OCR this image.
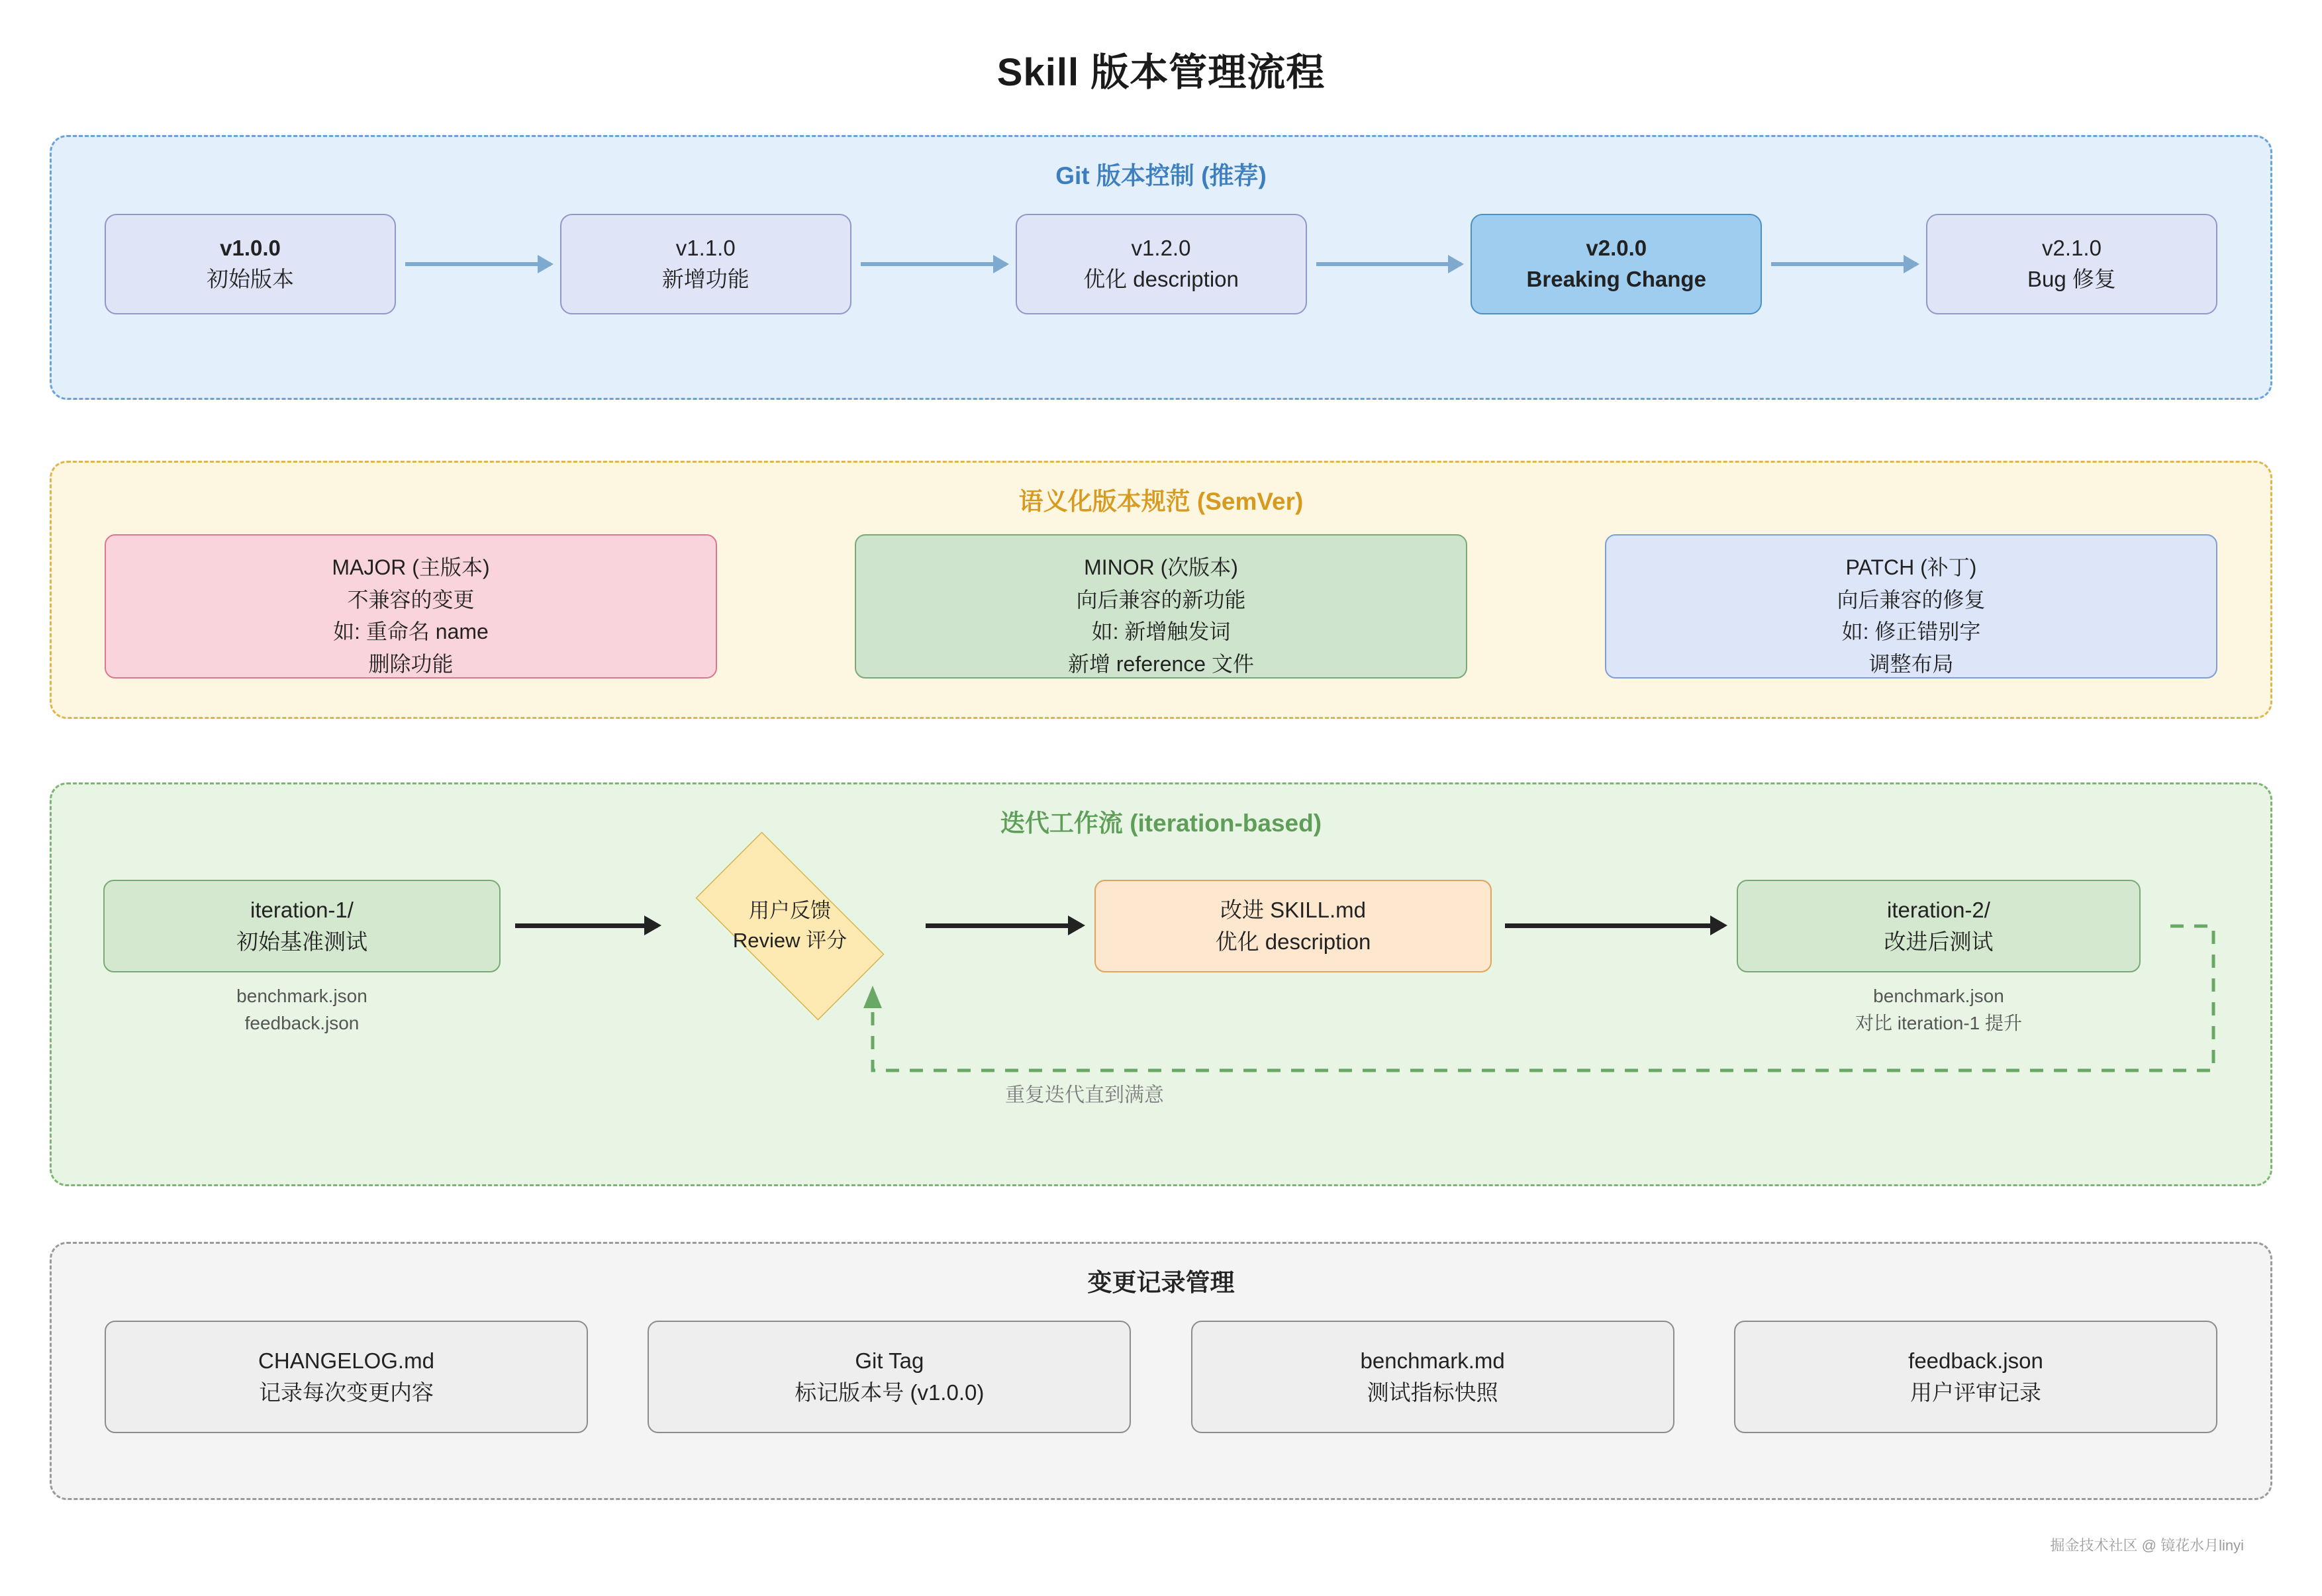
Skill 版本管理流程
Git 版本控制 (推荐)
v1.0.0
初始版本
v1.1.0
新增功能
v1.2.0
优化 description
v2.0.0
Breaking Change
v2.1.0
Bug 修复
语义化版本规范 (SemVer)
MAJOR (主版本)
不兼容的变更
如: 重命名 name
删除功能
MINOR (次版本)
向后兼容的新功能
如: 新增触发词
新增 reference 文件
PATCH (补丁)
向后兼容的修复
如: 修正错别字
调整布局
迭代工作流 (iteration-based)
iteration-1/
初始基准测试
benchmark.json
feedback.json
用户反馈
Review 评分
改进 SKILL.md
优化 description
iteration-2/
改进后测试
benchmark.json
对比 iteration-1 提升
重复迭代直到满意
变更记录管理
CHANGELOG.md
记录每次变更内容
Git Tag
标记版本号 (v1.0.0)
benchmark.md
测试指标快照
feedback.json
用户评审记录
掘金技术社区 @ 镜花水月linyi
